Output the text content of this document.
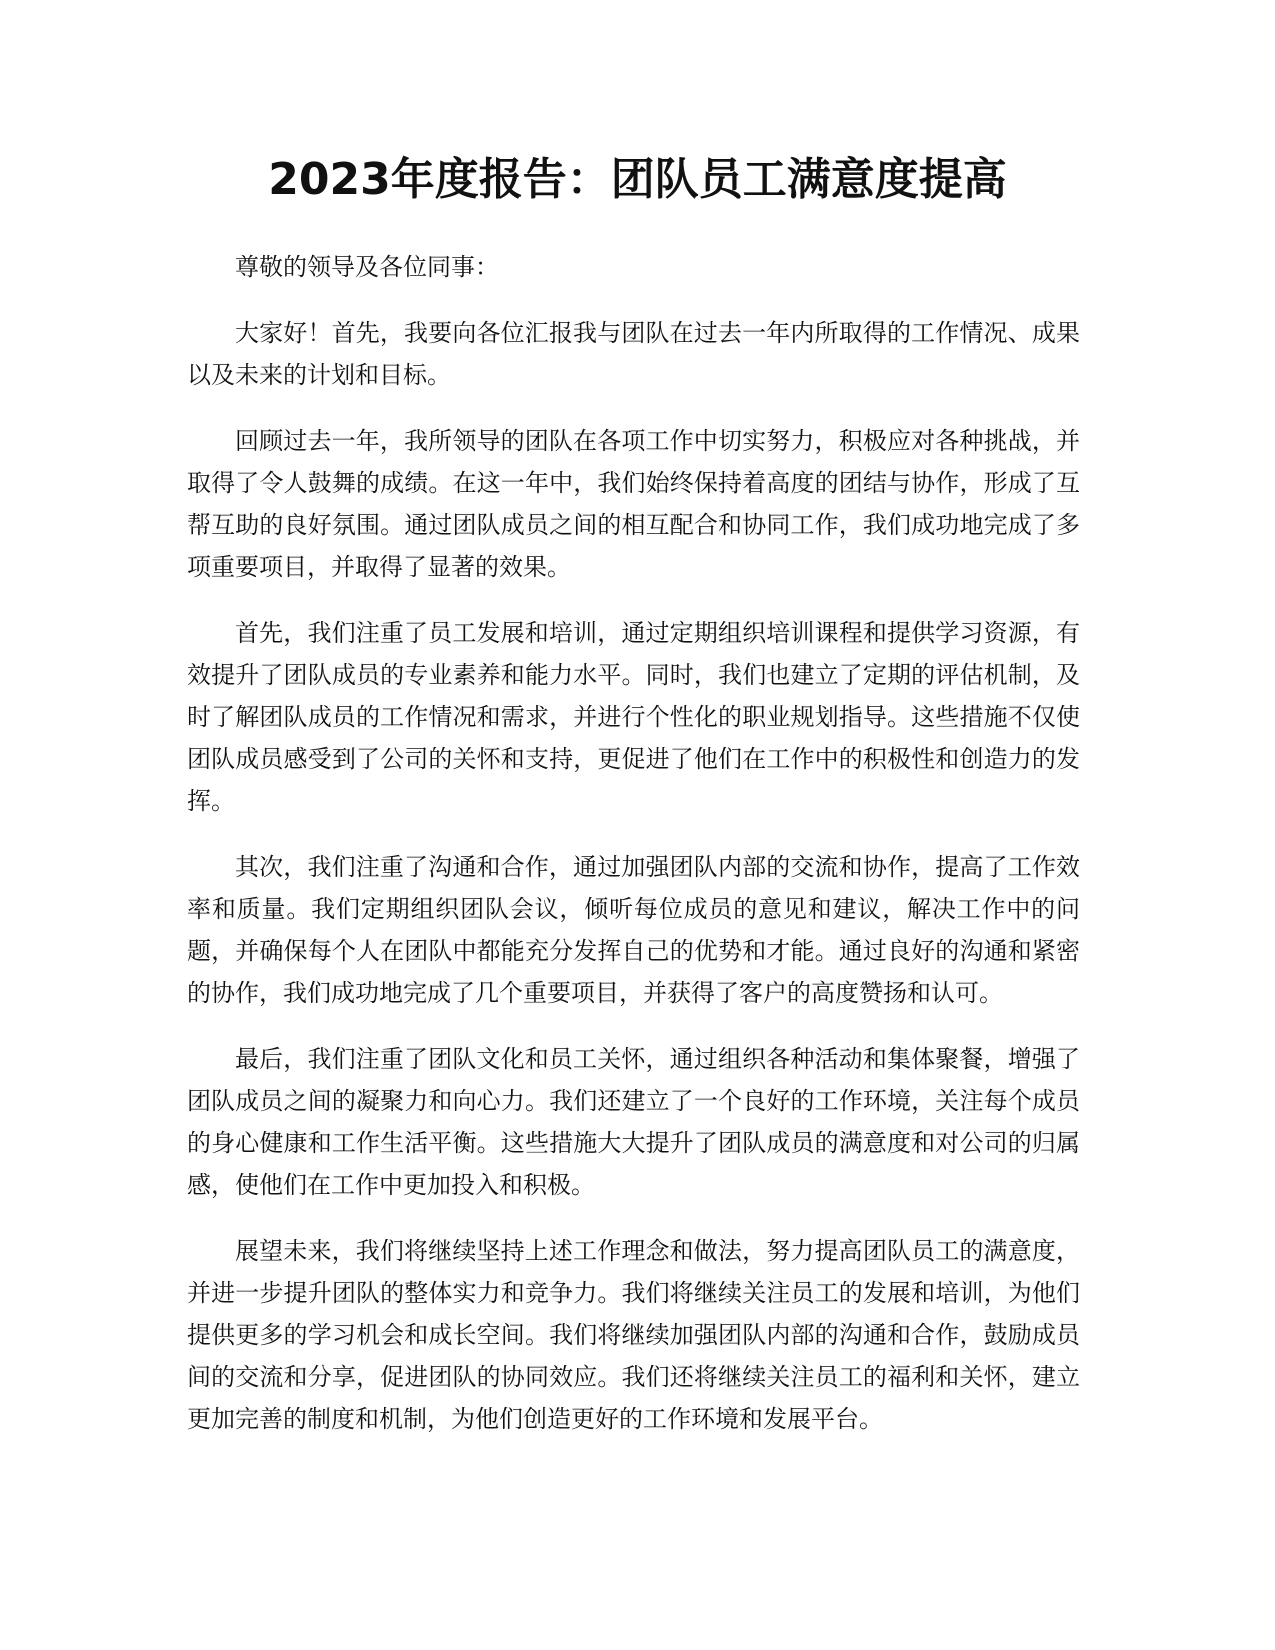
2023年度报告：团队员工满意度提高

尊敬的领导及各位同事：

大家好！首先，我要向各位汇报我与团队在过去一年内所取得的工作情况、成果以及未来的计划和目标。

回顾过去一年，我所领导的团队在各项工作中切实努力，积极应对各种挑战，并取得了令人鼓舞的成绩。在这一年中，我们始终保持着高度的团结与协作，形成了互帮互助的良好氛围。通过团队成员之间的相互配合和协同工作，我们成功地完成了多项重要项目，并取得了显著的效果。

首先，我们注重了员工发展和培训，通过定期组织培训课程和提供学习资源，有效提升了团队成员的专业素养和能力水平。同时，我们也建立了定期的评估机制，及时了解团队成员的工作情况和需求，并进行个性化的职业规划指导。这些措施不仅使团队成员感受到了公司的关怀和支持，更促进了他们在工作中的积极性和创造力的发挥。

其次，我们注重了沟通和合作，通过加强团队内部的交流和协作，提高了工作效率和质量。我们定期组织团队会议，倾听每位成员的意见和建议，解决工作中的问题，并确保每个人在团队中都能充分发挥自己的优势和才能。通过良好的沟通和紧密的协作，我们成功地完成了几个重要项目，并获得了客户的高度赞扬和认可。

最后，我们注重了团队文化和员工关怀，通过组织各种活动和集体聚餐，增强了团队成员之间的凝聚力和向心力。我们还建立了一个良好的工作环境，关注每个成员的身心健康和工作生活平衡。这些措施大大提升了团队成员的满意度和对公司的归属感，使他们在工作中更加投入和积极。

展望未来，我们将继续坚持上述工作理念和做法，努力提高团队员工的满意度，并进一步提升团队的整体实力和竞争力。我们将继续关注员工的发展和培训，为他们提供更多的学习机会和成长空间。我们将继续加强团队内部的沟通和合作，鼓励成员间的交流和分享，促进团队的协同效应。我们还将继续关注员工的福利和关怀，建立更加完善的制度和机制，为他们创造更好的工作环境和发展平台。
